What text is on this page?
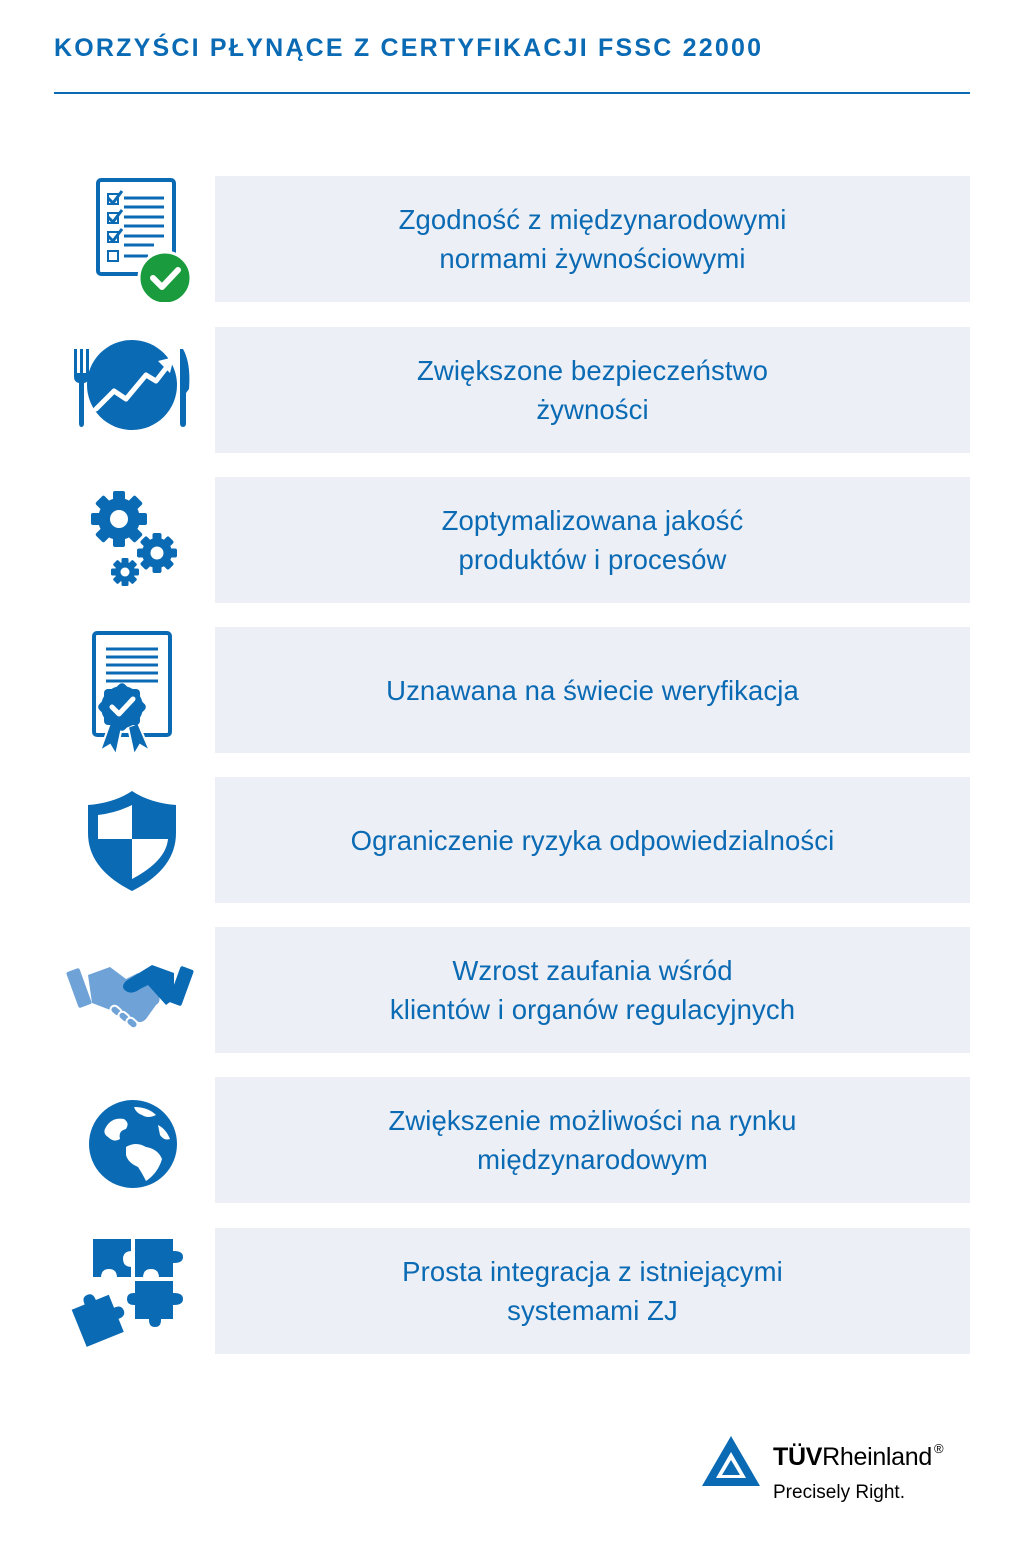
KORZYŚCI PŁYNĄCE Z CERTYFIKACJI FSSC 22000
Zgodność z międzynarodowymi
normami żywnościowymi
Zwiększone bezpieczeństwo
żywności
Zoptymalizowana jakość
produktów i procesów
Uznawana na świecie weryfikacja
Ograniczenie ryzyka odpowiedzialności
Wzrost zaufania wśród
klientów i organów regulacyjnych
Zwiększenie możliwości na rynku
międzynarodowym
Prosta integracja z istniejącymi
systemami ZJ
TÜVRheinland ®
Precisely Right.
